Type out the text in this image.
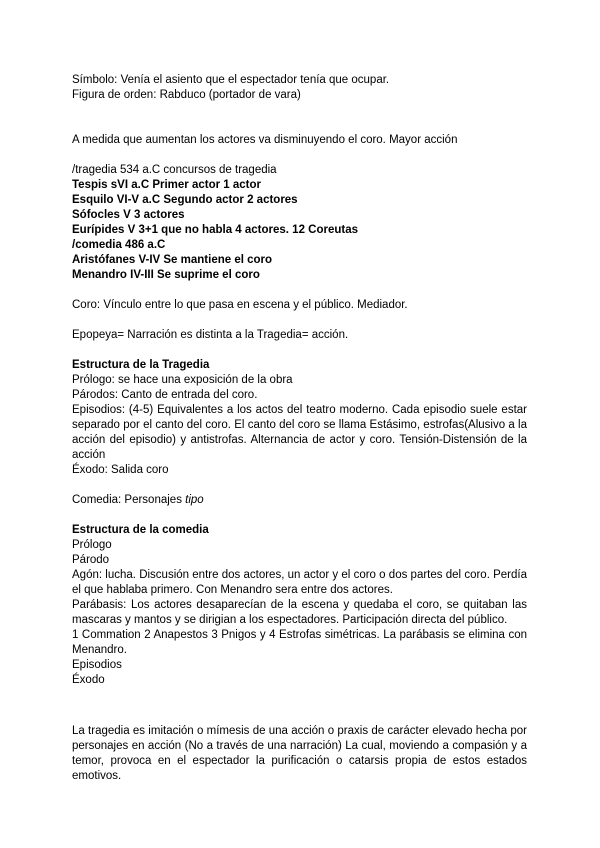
Símbolo: Venía el asiento que el espectador tenía que ocupar.
Figura de orden: Rabduco (portador de vara)
A medida que aumentan los actores va disminuyendo el coro. Mayor acción
/tragedia 534 a.C concursos de tragedia
Tespis sVI a.C Primer actor 1 actor
Esquilo VI-V a.C Segundo actor 2 actores
Sófocles V 3 actores
Eurípides V 3+1 que no habla 4 actores. 12 Coreutas
/comedia 486 a.C
Aristófanes V-IV Se mantiene el coro
Menandro IV-III Se suprime el coro
Coro: Vínculo entre lo que pasa en escena y el público. Mediador.
Epopeya= Narración es distinta a la Tragedia= acción.
Estructura de la Tragedia
Prólogo: se hace una exposición de la obra
Párodos: Canto de entrada del coro.

Episodios: (4-5) Equivalentes a los actos del teatro moderno. Cada episodio suele estar separado por el canto del coro. El canto del coro se llama Estásimo, estrofas(Alusivo a la acción del episodio) y antistrofas. Alternancia de actor y coro. Tensión-Distensión de la acción

Éxodo: Salida coro
Comedia: Personajes tipo
Estructura de la comedia
Prólogo
Párodo

Agón: lucha. Discusión entre dos actores, un actor y el coro o dos partes del coro. Perdía el que hablaba primero. Con Menandro sera entre dos actores.

Parábasis: Los actores desaparecían de la escena y quedaba el coro, se quitaban las mascaras y mantos y se dirigian a los espectadores. Participación directa del público.

1 Commation 2 Anapestos 3 Pnigos y 4 Estrofas simétricas. La parábasis se elimina con Menandro.

Episodios
Éxodo

La tragedia es imitación o mímesis de una acción o praxis de carácter elevado hecha por personajes en acción (No a través de una narración) La cual, moviendo a compasión y a temor, provoca en el espectador la purificación o catarsis propia de estos estados emotivos.
